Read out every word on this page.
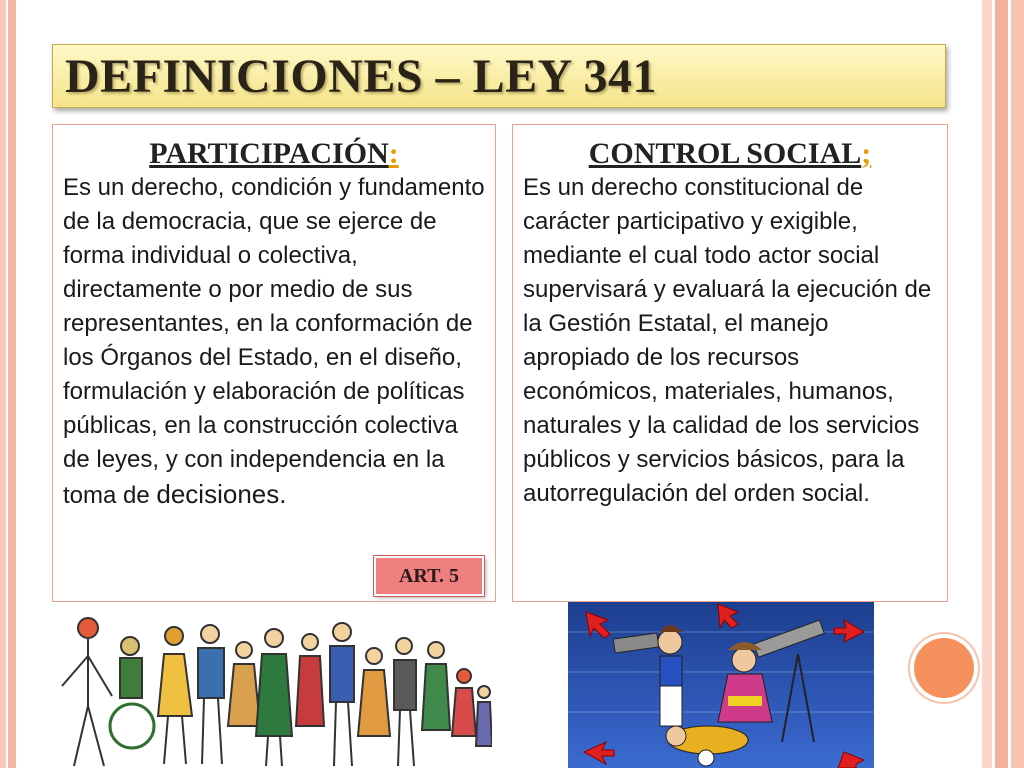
DEFINICIONES – LEY 341
PARTICIPACIÓN:
Es un derecho, condición y fundamento de la democracia, que se ejerce de forma individual o colectiva, directamente o por medio de sus representantes, en la conformación de los Órganos del Estado, en el diseño, formulación y elaboración de políticas públicas, en la construcción colectiva de leyes, y con independencia en la toma de decisiones.
ART. 5
CONTROL SOCIAL;
Es un derecho constitucional de carácter participativo y exigible, mediante el cual todo actor social supervisará y evaluará la ejecución de la Gestión Estatal, el manejo apropiado de los recursos económicos, materiales, humanos, naturales y la calidad de los servicios públicos y servicios básicos, para la autorregulación del orden social.
